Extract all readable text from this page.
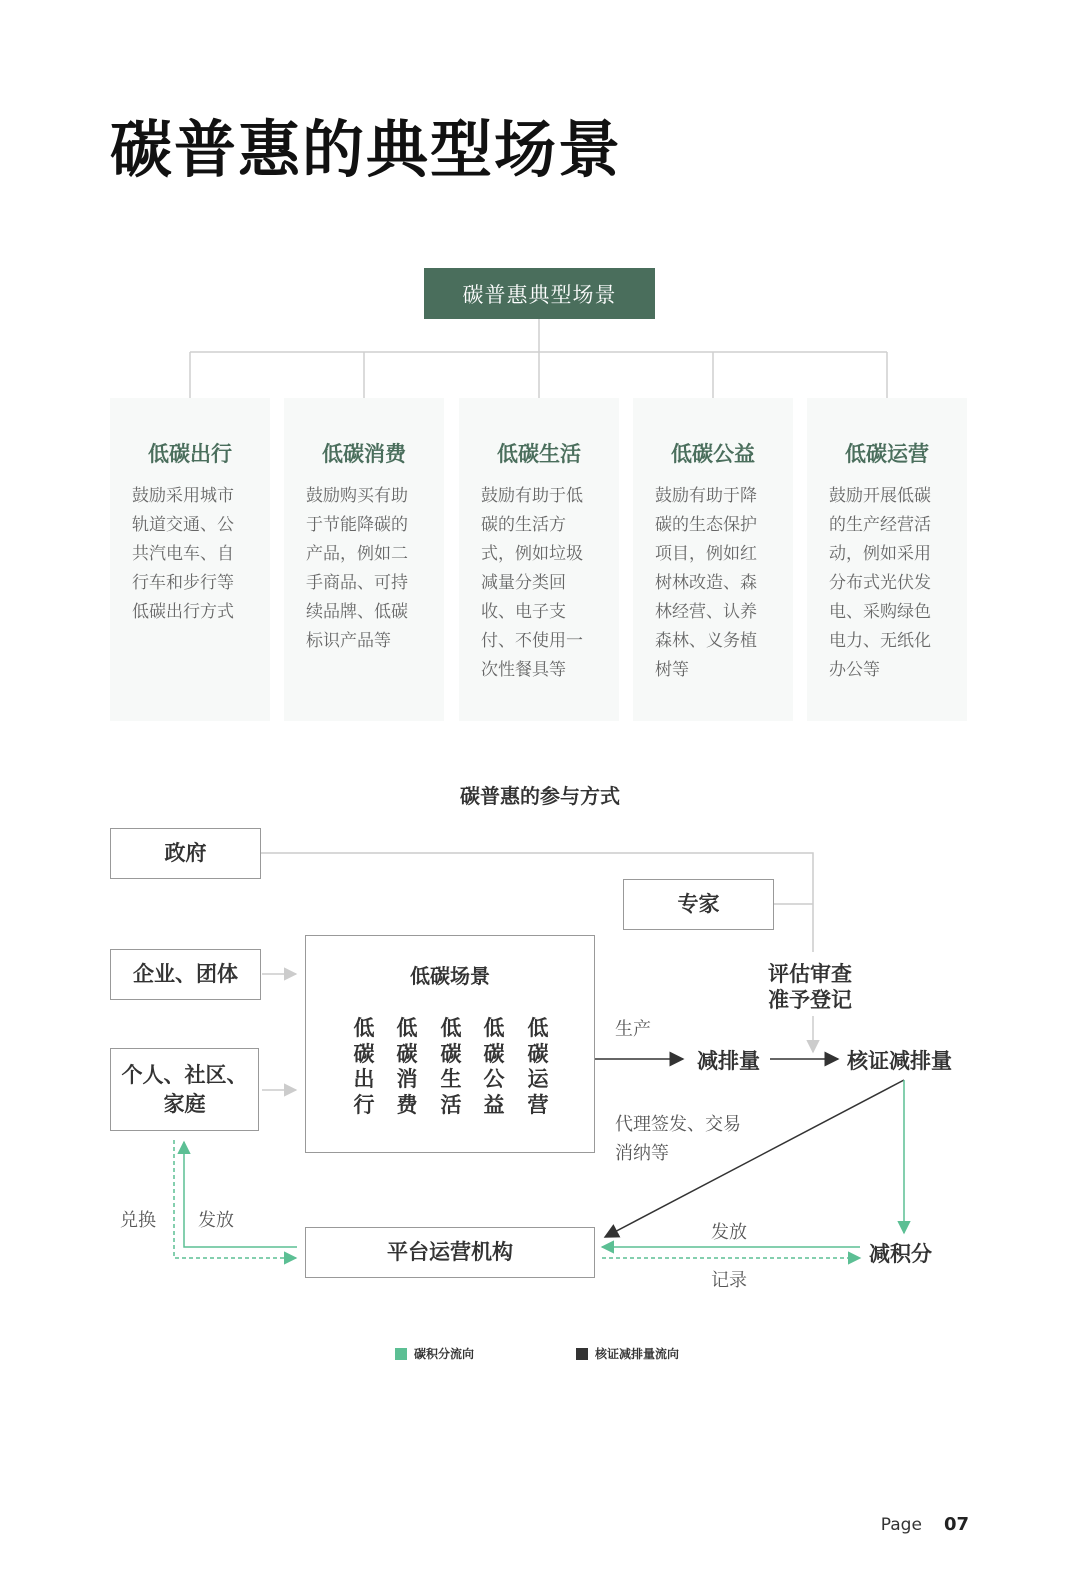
碳普惠的典型场景
碳普惠典型场景
低碳出行
鼓励采用城市轨道交通、公共汽电车、自行车和步行等低碳出行方式
低碳消费
鼓励购买有助于节能降碳的产品，例如二手商品、可持续品牌、低碳标识产品等
低碳生活
鼓励有助于低碳的生活方式，例如垃圾减量分类回收、电子支付、不使用一次性餐具等
低碳公益
鼓励有助于降碳的生态保护项目，例如红树林改造、森林经营、认养森林、义务植树等
低碳运营
鼓励开展低碳的生产经营活动，例如采用分布式光伏发电、采购绿色电力、无纸化办公等
碳普惠的参与方式
政府
专家
企业、团体
个人、社区、家庭
低碳场景
低碳出行
低碳消费
低碳生活
低碳公益
低碳运营
评估审查准予登记
生产
减排量	核证减排量
代理签发、交易消纳等
兑换 发放
平台运营机构
发放
记录
减积分
碳积分流向	核证减排量流向
Page 07
